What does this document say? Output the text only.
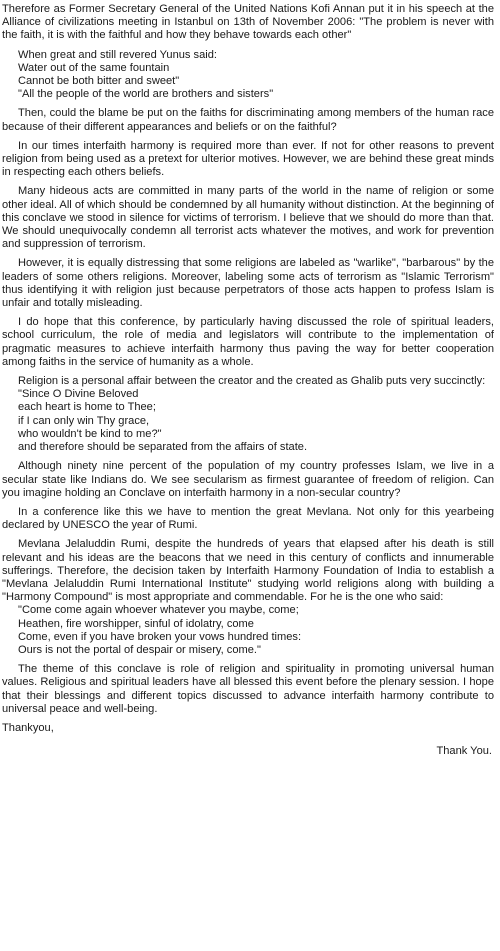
Therefore as Former Secretary General of the United Nations Kofi Annan put it in his speech at the Alliance of civilizations meeting in Istanbul on 13th of November 2006: "The problem is never with the faith, it is with the faithful and how they behave towards each other"

When great and still revered Yunus said:
Water out of the same fountain
Cannot be both bitter and sweet"
"All the people of the world are brothers and sisters"

Then, could the blame be put on the faiths for discriminating among members of the human race because of their different appearances and beliefs or on the faithful?

In our times interfaith harmony is required more than ever. If not for other reasons to prevent religion from being used as a pretext for ulterior motives. However, we are behind these great minds in respecting each others beliefs.

Many hideous acts are committed in many parts of the world in the name of religion or some other ideal. All of which should be condemned by all humanity without distinction. At the beginning of this conclave we stood in silence for victims of terrorism. I believe that we should do more than that. We should unequivocally condemn all terrorist acts whatever the motives, and work for prevention and suppression of terrorism.

However, it is equally distressing that some religions are labeled as "warlike", "barbarous" by the leaders of some others religions. Moreover, labeling some acts of terrorism as "Islamic Terrorism" thus identifying it with religion just because perpetrators of those acts happen to profess Islam is unfair and totally misleading.

I do hope that this conference, by particularly having discussed the role of spiritual leaders, school curriculum, the role of media and legislators will contribute to the implementation of pragmatic measures to achieve interfaith harmony thus paving the way for better cooperation among faiths in the service of humanity as a whole.

Religion is a personal affair between the creator and the created as Ghalib puts very succinctly:

"Since O Divine Beloved
each heart is home to Thee;
if I can only win Thy grace,
who wouldn't be kind to me?"
and therefore should be separated from the affairs of state.

Although ninety nine percent of the population of my country professes Islam, we live in a secular state like Indians do. We see secularism as firmest guarantee of freedom of religion. Can you imagine holding an Conclave on interfaith harmony in a non-secular country?

In a conference like this we have to mention the great Mevlana. Not only for this yearbeing declared by UNESCO the year of Rumi.

Mevlana Jelaluddin Rumi, despite the hundreds of years that elapsed after his death is still relevant and his ideas are the beacons that we need in this century of conflicts and innumerable sufferings. Therefore, the decision taken by Interfaith Harmony Foundation of India to establish a "Mevlana Jelaluddin Rumi International Institute" studying world religions along with building a "Harmony Compound" is most appropriate and commendable. For he is the one who said:

"Come come again whoever whatever you maybe, come;
Heathen, fire worshipper, sinful of idolatry, come
Come, even if you have broken your vows hundred times:
Ours is not the portal of despair or misery, come."

The theme of this conclave is role of religion and spirituality in promoting universal human values. Religious and spiritual leaders have all blessed this event before the plenary session. I hope that their blessings and different topics discussed to advance interfaith harmony contribute to universal peace and well-being.

Thankyou,

Thank You.
